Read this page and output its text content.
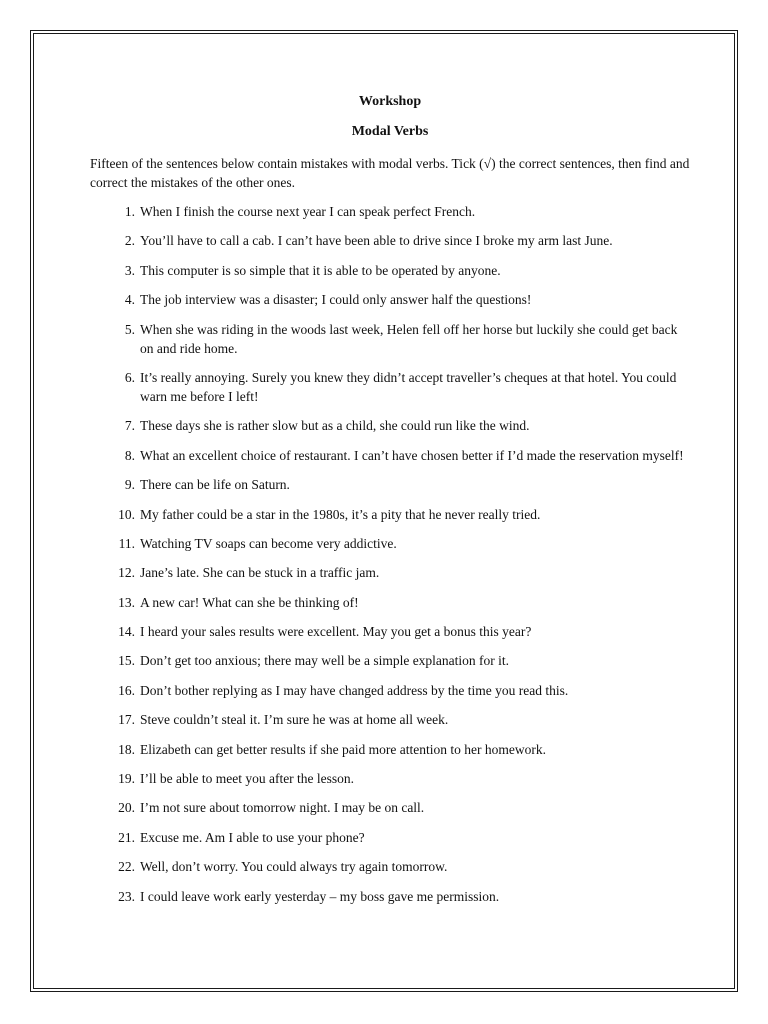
Workshop
Modal Verbs

Fifteen of the sentences below contain mistakes with modal verbs. Tick (√) the correct sentences, then find and correct the mistakes of the other ones.

1. When I finish the course next year I can speak perfect French.
2. You’ll have to call a cab. I can’t have been able to drive since I broke my arm last June.
3. This computer is so simple that it is able to be operated by anyone.
4. The job interview was a disaster; I could only answer half the questions!
5. When she was riding in the woods last week, Helen fell off her horse but luckily she could get back on and ride home.
6. It’s really annoying. Surely you knew they didn’t accept traveller’s cheques at that hotel. You could warn me before I left!
7. These days she is rather slow but as a child, she could run like the wind.
8. What an excellent choice of restaurant. I can’t have chosen better if I’d made the reservation myself!
9. There can be life on Saturn.
10. My father could be a star in the 1980s, it’s a pity that he never really tried.
11. Watching TV soaps can become very addictive.
12. Jane’s late. She can be stuck in a traffic jam.
13. A new car! What can she be thinking of!
14. I heard your sales results were excellent. May you get a bonus this year?
15. Don’t get too anxious; there may well be a simple explanation for it.
16. Don’t bother replying as I may have changed address by the time you read this.
17. Steve couldn’t steal it. I’m sure he was at home all week.
18. Elizabeth can get better results if she paid more attention to her homework.
19. I’ll be able to meet you after the lesson.
20. I’m not sure about tomorrow night. I may be on call.
21. Excuse me. Am I able to use your phone?
22. Well, don’t worry. You could always try again tomorrow.
23. I could leave work early yesterday – my boss gave me permission.
